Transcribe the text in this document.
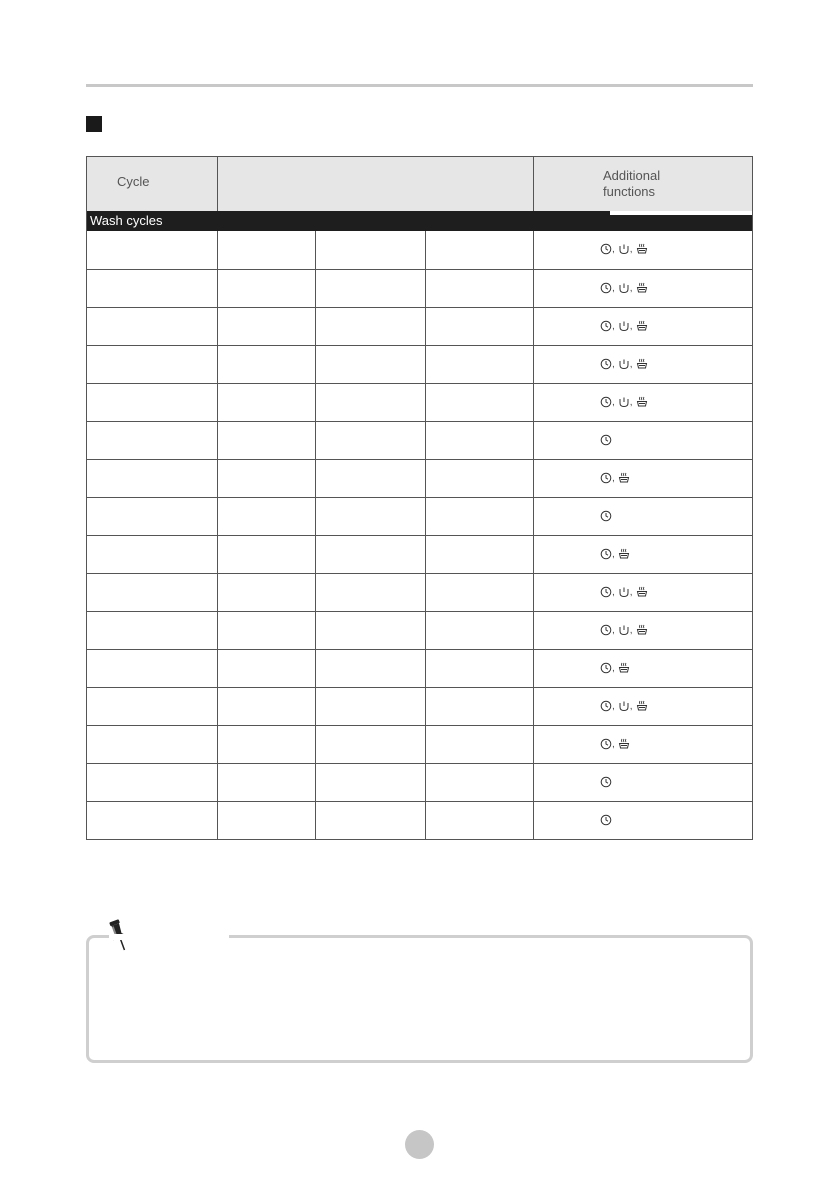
Cycle	Additional
functions
Wash cycles
, ,
, ,
, ,
, ,
, ,
,
,
, ,
, ,
,
, ,
,
